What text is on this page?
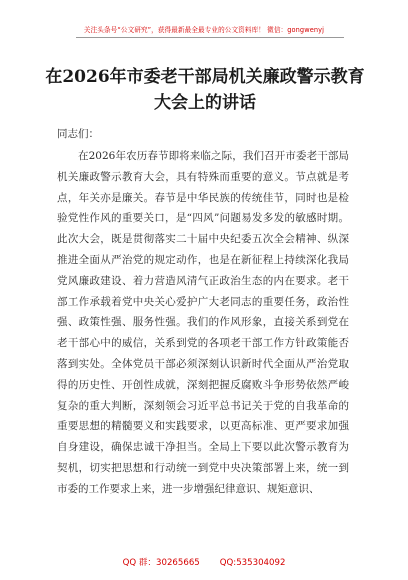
关注头条号“公文研究”，获得最新最全最专业的公文资料库！ 微信：gongwenyj
在2026年市委老干部局机关廉政警示教育大会上的讲话
同志们：

在2026年农历春节即将来临之际，我们召开市委老干部局机关廉政警示教育大会，具有特殊而重要的意义。节点就是考点，年关亦是廉关。春节是中华民族的传统佳节，同时也是检验党性作风的重要关口，是“四风”问题易发多发的敏感时期。此次大会，既是贯彻落实二十届中央纪委五次全会精神、纵深推进全面从严治党的规定动作，也是在新征程上持续深化我局党风廉政建设、着力营造风清气正政治生态的内在要求。老干部工作承载着党中央关心爱护广大老同志的重要任务，政治性强、政策性强、服务性强。我们的作风形象，直接关系到党在老干部心中的威信，关系到党的各项老干部工作方针政策能否落到实处。全体党员干部必须深刻认识新时代全面从严治党取得的历史性、开创性成就，深刻把握反腐败斗争形势依然严峻复杂的重大判断，深刻领会习近平总书记关于党的自我革命的重要思想的精髓要义和实践要求，以更高标准、更严要求加强自身建设，确保忠诚干净担当。全局上下要以此次警示教育为契机，切实把思想和行动统一到党中央决策部署上来，统一到市委的工作要求上来，进一步增强纪律意识、规矩意识、

QQ 群：30265665 QQ:535304092
